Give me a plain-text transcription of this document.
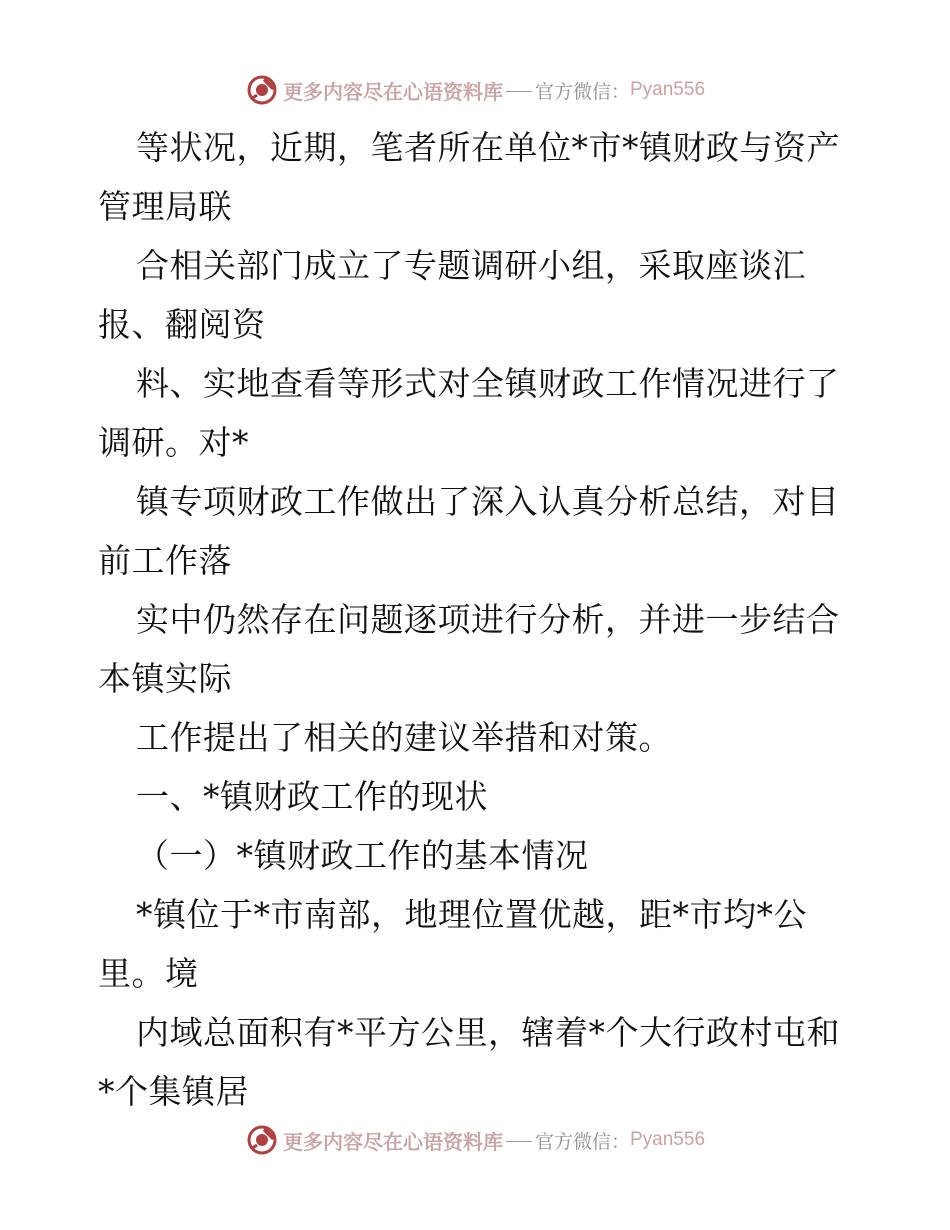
更多内容尽在心语资料库 官方微信： Pyan556
等状况，近期，笔者所在单位*市*镇财政与资产
管理局联
合相关部门成立了专题调研小组，采取座谈汇
报、翻阅资
料、实地查看等形式对全镇财政工作情况进行了
调研。对*
镇专项财政工作做出了深入认真分析总结，对目
前工作落
实中仍然存在问题逐项进行分析，并进一步结合
本镇实际
工作提出了相关的建议举措和对策。
一、*镇财政工作的现状
（一）*镇财政工作的基本情况
*镇位于*市南部，地理位置优越，距*市均*公
里。境
内域总面积有*平方公里，辖着*个大行政村屯和
*个集镇居
更多内容尽在心语资料库 官方微信： Pyan556
